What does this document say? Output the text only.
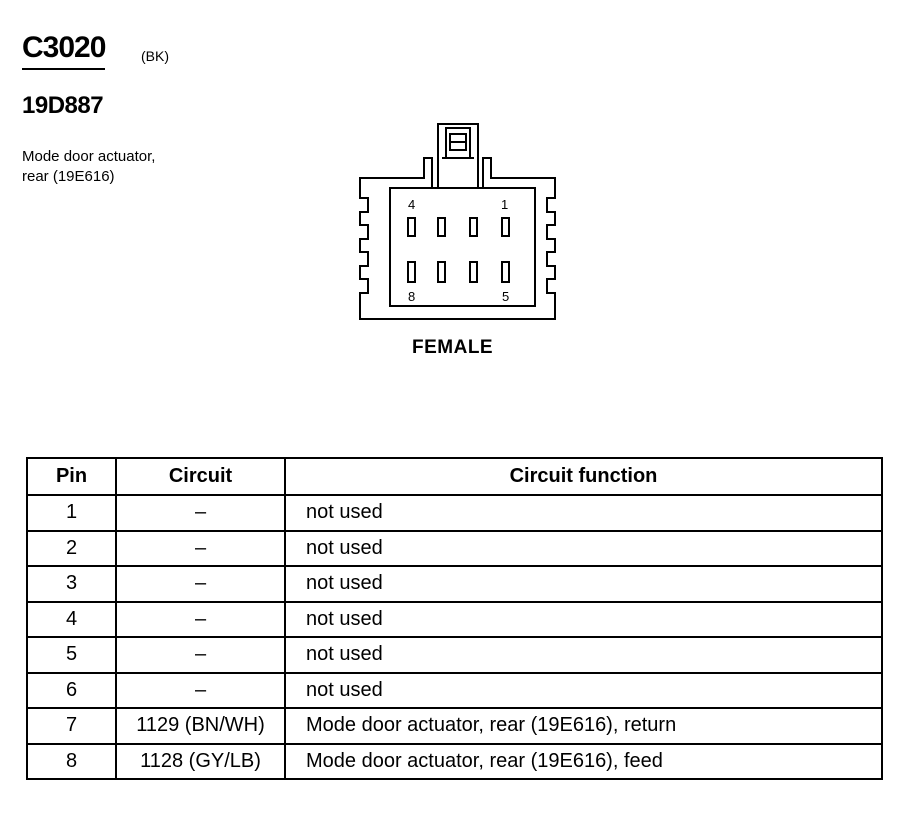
C3020	(BK)
19D887
Mode door actuator,
rear (19E616)
4	1
8	5
FEMALE
Pin	Circuit	Circuit function
1	–	not used
2	–	not used
3	–	not used
4	–	not used
5	–	not used
6	–	not used
7	1129 (BN/WH)	Mode door actuator, rear (19E616), return
8	1128 (GY/LB)	Mode door actuator, rear (19E616), feed
